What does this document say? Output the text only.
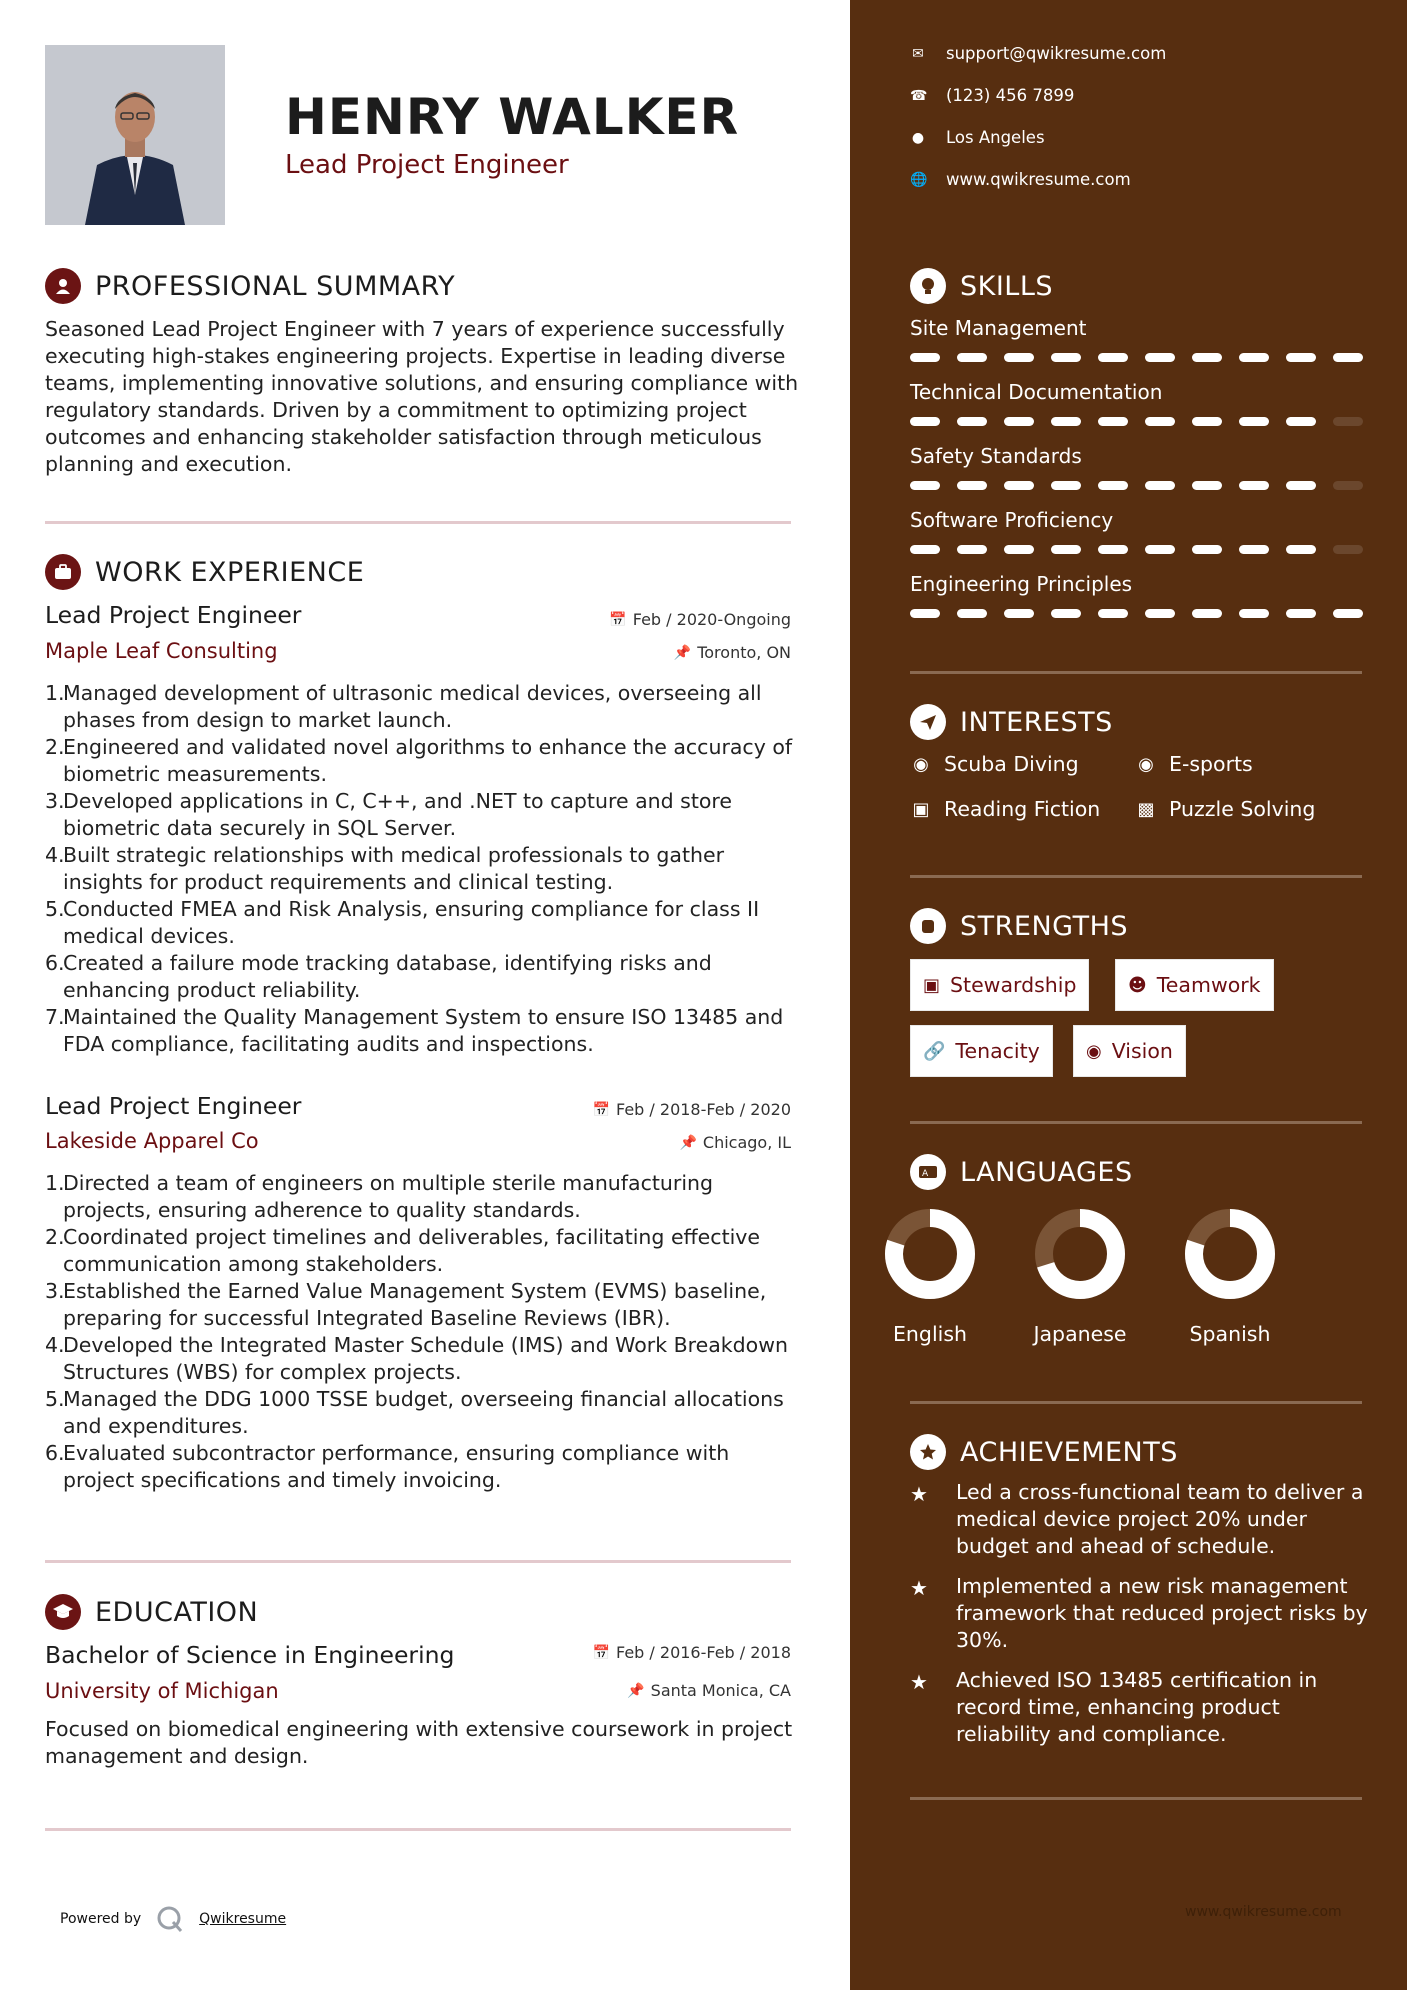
HENRY WALKER
Lead Project Engineer
PROFESSIONAL SUMMARY
Seasoned Lead Project Engineer with 7 years of experience successfully executing high-stakes engineering projects. Expertise in leading diverse teams, implementing innovative solutions, and ensuring compliance with regulatory standards. Driven by a commitment to optimizing project outcomes and enhancing stakeholder satisfaction through meticulous planning and execution.
WORK EXPERIENCE
Lead Project Engineer	📅 Feb / 2020-Ongoing
Maple Leaf Consulting	📌 Toronto, ON
1.
Managed development of ultrasonic medical devices, overseeing all phases from design to market launch.
2.
Engineered and validated novel algorithms to enhance the accuracy of biometric measurements.
3.
Developed applications in C, C++, and .NET to capture and store biometric data securely in SQL Server.
4.
Built strategic relationships with medical professionals to gather insights for product requirements and clinical testing.
5.
Conducted FMEA and Risk Analysis, ensuring compliance for class II medical devices.
6.
Created a failure mode tracking database, identifying risks and enhancing product reliability.
7.
Maintained the Quality Management System to ensure ISO 13485 and FDA compliance, facilitating audits and inspections.
Lead Project Engineer	📅 Feb / 2018-Feb / 2020
Lakeside Apparel Co	📌 Chicago, IL
1.
Directed a team of engineers on multiple sterile manufacturing projects, ensuring adherence to quality standards.
2.
Coordinated project timelines and deliverables, facilitating effective communication among stakeholders.
3.
Established the Earned Value Management System (EVMS) baseline, preparing for successful Integrated Baseline Reviews (IBR).
4.
Developed the Integrated Master Schedule (IMS) and Work Breakdown Structures (WBS) for complex projects.
5.
Managed the DDG 1000 TSSE budget, overseeing financial allocations and expenditures.
6.
Evaluated subcontractor performance, ensuring compliance with project specifications and timely invoicing.
EDUCATION
Bachelor of Science in Engineering	📅 Feb / 2016-Feb / 2018
University of Michigan	📌 Santa Monica, CA
Focused on biomedical engineering with extensive coursework in project management and design.
Powered by	Qwikresume
✉ support@qwikresume.com
☎ (123) 456 7899
● Los Angeles
🌐 www.qwikresume.com
SKILLS
Site Management
Technical Documentation
Safety Standards
Software Proficiency
Engineering Principles
INTERESTS
◉ Scuba Diving	◉ E-sports
▣ Reading Fiction ▩ Puzzle Solving
STRENGTHS
▣ Stewardship	☻ Teamwork
🔗 Tenacity	◉ Vision
A LANGUAGES
English	Japanese	Spanish
ACHIEVEMENTS
★	Led a cross-functional team to deliver a medical device project 20% under budget and ahead of schedule.
★	Implemented a new risk management framework that reduced project risks by 30%.
★	Achieved ISO 13485 certification in record time, enhancing product reliability and compliance.
www.qwikresume.com
